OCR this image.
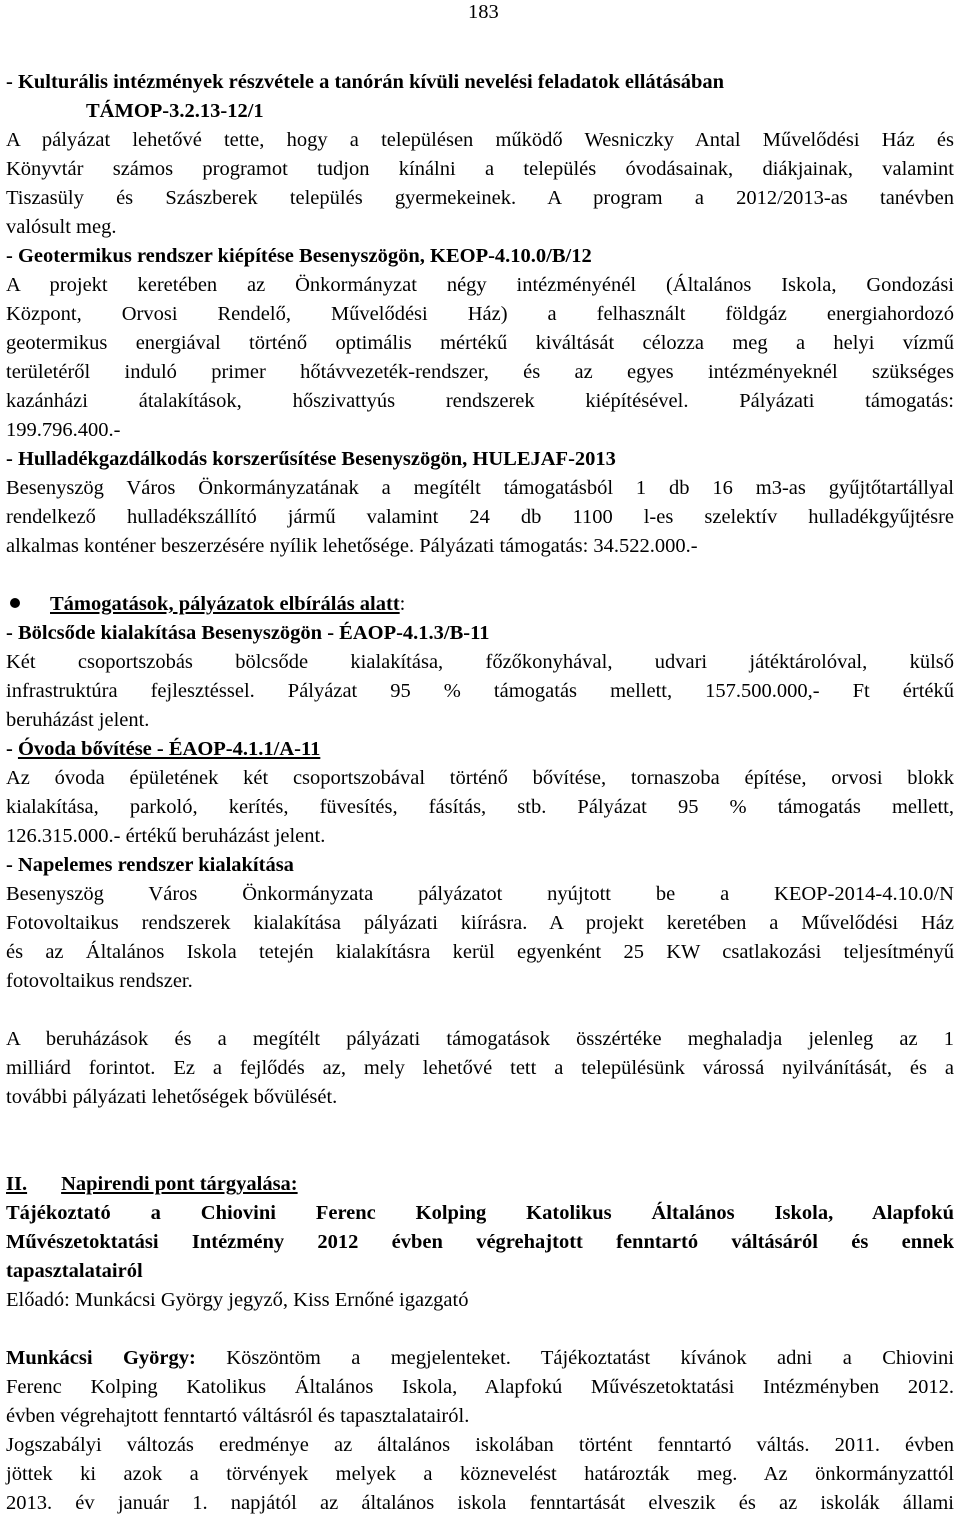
183
- Kulturális intézmények részvétele a tanórán kívüli nevelési feladatok ellátásában
TÁMOP-3.2.13-12/1
A pályázat lehetővé tette, hogy a településen működő Wesniczky Antal Művelődési Ház és
Könyvtár számos programot tudjon kínálni a település óvodásainak, diákjainak, valamint
Tiszasüly és Szászberek település gyermekeinek. A program a 2012/2013-as tanévben
valósult meg.
- Geotermikus rendszer kiépítése Besenyszögön, KEOP-4.10.0/B/12
A projekt keretében az Önkormányzat négy intézményénél (Általános Iskola, Gondozási
Központ, Orvosi Rendelő, Művelődési Ház) a felhasznált földgáz energiahordozó
geotermikus energiával történő optimális mértékű kiváltását célozza meg a helyi vízmű
területéről induló primer hőtávvezeték-rendszer, és az egyes intézményeknél szükséges
kazánházi átalakítások, hőszivattyús rendszerek kiépítésével. Pályázati támogatás:
199.796.400.-
- Hulladékgazdálkodás korszerűsítése Besenyszögön, HULEJAF-2013
Besenyszög Város Önkormányzatának a megítélt támogatásból 1 db 16 m3-as gyűjtőtartállyal
rendelkező hulladékszállító jármű valamint 24 db 1100 l-es szelektív hulladékgyűjtésre
alkalmas konténer beszerzésére nyílik lehetősége. Pályázati támogatás: 34.522.000.-
Támogatások, pályázatok elbírálás alatt:
- Bölcsőde kialakítása Besenyszögön - ÉAOP-4.1.3/B-11
Két csoportszobás bölcsőde kialakítása, főzőkonyhával, udvari játéktárolóval, külső
infrastruktúra fejlesztéssel. Pályázat 95 % támogatás mellett, 157.500.000,- Ft értékű
beruházást jelent.
- Óvoda bővítése - ÉAOP-4.1.1/A-11
Az óvoda épületének két csoportszobával történő bővítése, tornaszoba építése, orvosi blokk
kialakítása, parkoló, kerítés, füvesítés, fásítás, stb. Pályázat 95 % támogatás mellett,
126.315.000.- értékű beruházást jelent.
- Napelemes rendszer kialakítása
Besenyszög Város Önkormányzata pályázatot nyújtott be a KEOP-2014-4.10.0/N
Fotovoltaikus rendszerek kialakítása pályázati kiírásra. A projekt keretében a Művelődési Ház
és az Általános Iskola tetején kialakításra kerül egyenként 25 KW csatlakozási teljesítményű
fotovoltaikus rendszer.
A beruházások és a megítélt pályázati támogatások összértéke meghaladja jelenleg az 1
milliárd forintot. Ez a fejlődés az, mely lehetővé tett a településünk várossá nyilvánítását, és a
további pályázati lehetőségek bővülését.
II. Napirendi pont tárgyalása:
Tájékoztató a Chiovini Ferenc Kolping Katolikus Általános Iskola, Alapfokú
Művészetoktatási Intézmény 2012 évben végrehajtott fenntartó váltásáról és ennek
tapasztalatairól
Előadó: Munkácsi György jegyző, Kiss Ernőné igazgató
Munkácsi György: Köszöntöm a megjelenteket. Tájékoztatást kívánok adni a Chiovini
Ferenc Kolping Katolikus Általános Iskola, Alapfokú Művészetoktatási Intézményben 2012.
évben végrehajtott fenntartó váltásról és tapasztalatairól.
Jogszabályi változás eredménye az általános iskolában történt fenntartó váltás. 2011. évben
jöttek ki azok a törvények melyek a köznevelést határozták meg. Az önkormányzattól
2013. év január 1. napjától az általános iskola fenntartását elveszik és az iskolák állami
